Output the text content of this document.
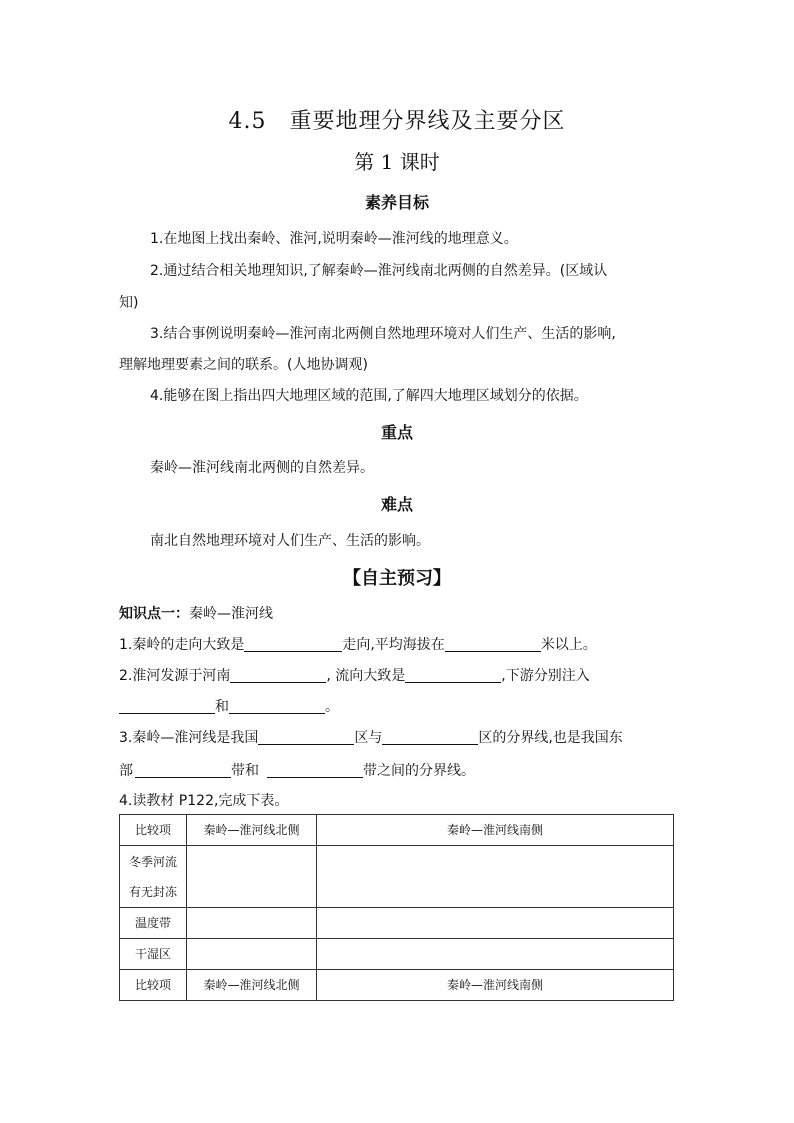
4.5　重要地理分界线及主要分区
第 1 课时
素养目标
1.在地图上找出秦岭、淮河,说明秦岭—淮河线的地理意义。
2.通过结合相关地理知识,了解秦岭—淮河线南北两侧的自然差异。(区域认
知)
3.结合事例说明秦岭—淮河南北两侧自然地理环境对人们生产、生活的影响,
理解地理要素之间的联系。(人地协调观)
4.能够在图上指出四大地理区域的范围,了解四大地理区域划分的依据。
重点
秦岭—淮河线南北两侧的自然差异。
难点
南北自然地理环境对人们生产、生活的影响。
【自主预习】
知识点一：秦岭—淮河线
1.秦岭的走向大致是	走向,平均海拔在	米以上。
2.淮河发源于河南	, 流向大致是	,下游分别注入
和	。
3.秦岭—淮河线是我国	区与	区的分界线,也是我国东
部	带和	带之间的分界线。
4.读教材 P122,完成下表。
比较项	秦岭—淮河线北侧	秦岭—淮河线南侧

冬季河流
有无封冻		

温度带		
干湿区		
比较项	秦岭—淮河线北侧	秦岭—淮河线南侧
